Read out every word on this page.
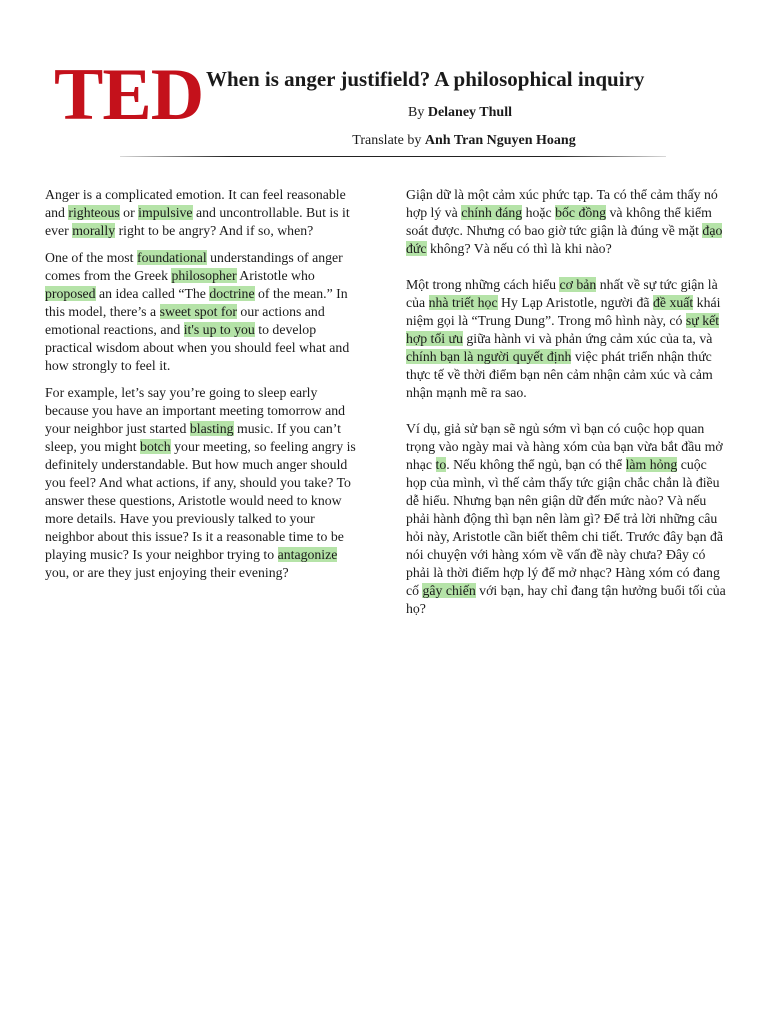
TED When is anger justifield? A philosophical inquiry
By Delaney Thull
Translate by Anh Tran Nguyen Hoang

Anger is a complicated emotion. It can feel reasonable and righteous or impulsive and uncontrollable. But is it ever morally right to be angry? And if so, when?

One of the most foundational understandings of anger comes from the Greek philosopher Aristotle who proposed an idea called “The doctrine of the mean.” In this model, there’s a sweet spot for our actions and emotional reactions, and it's up to you to develop practical wisdom about when you should feel what and how strongly to feel it.

For example, let’s say you’re going to sleep early because you have an important meeting tomorrow and your neighbor just started blasting music. If you can’t sleep, you might botch your meeting, so feeling angry is definitely understandable. But how much anger should you feel? And what actions, if any, should you take? To answer these questions, Aristotle would need to know more details. Have you previously talked to your neighbor about this issue? Is it a reasonable time to be playing music? Is your neighbor trying to antagonize you, or are they just enjoying their evening?

Giận dữ là một cảm xúc phức tạp. Ta có thể cảm thấy nó hợp lý và chính đáng hoặc bốc đồng và không thể kiểm soát được. Nhưng có bao giờ tức giận là đúng về mặt đạo đức không? Và nếu có thì là khi nào?

Một trong những cách hiểu cơ bản nhất về sự tức giận là của nhà triết học Hy Lạp Aristotle, người đã đề xuất khái niệm gọi là “Trung Dung”. Trong mô hình này, có sự kết hợp tối ưu giữa hành vi và phản ứng cảm xúc của ta, và chính bạn là người quyết định việc phát triển nhận thức thực tế về thời điểm bạn nên cảm nhận cảm xúc và cảm nhận mạnh mẽ ra sao.

Ví dụ, giả sử bạn sẽ ngủ sớm vì bạn có cuộc họp quan trọng vào ngày mai và hàng xóm của bạn vừa bắt đầu mở nhạc to. Nếu không thể ngủ, bạn có thể làm hỏng cuộc họp của mình, vì thế cảm thấy tức giận chắc chắn là điều dễ hiểu. Nhưng bạn nên giận dữ đến mức nào? Và nếu phải hành động thì bạn nên làm gì? Để trả lời những câu hỏi này, Aristotle cần biết thêm chi tiết. Trước đây bạn đã nói chuyện với hàng xóm về vấn đề này chưa? Đây có phải là thời điểm hợp lý để mở nhạc? Hàng xóm có đang cố gây chiến với bạn, hay chỉ đang tận hưởng buổi tối của họ?
